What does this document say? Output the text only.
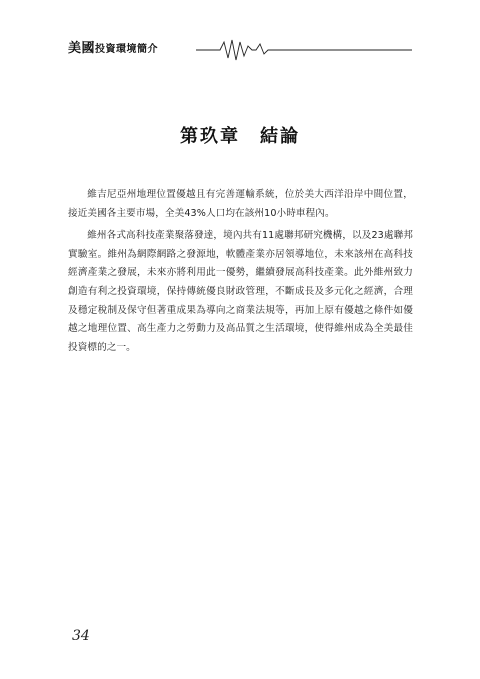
美國投資環境簡介
第玖章　結論

維吉尼亞州地理位置優越且有完善運輸系統，位於美大西洋沿岸中間位置，接近美國各主要市場，全美43%人口均在該州10小時車程內。

維州各式高科技產業聚落發達，境內共有11處聯邦研究機構，以及23處聯邦實驗室。維州為網際網路之發源地，軟體產業亦居領導地位，未來該州在高科技經濟產業之發展，未來亦將利用此一優勢，繼續發展高科技產業。此外維州致力創造有利之投資環境，保持傳統優良財政管理，不斷成長及多元化之經濟，合理及穩定稅制及保守但著重成果為導向之商業法規等，再加上原有優越之條件如優越之地理位置、高生產力之勞動力及高品質之生活環境，使得維州成為全美最佳投資標的之一。

34
